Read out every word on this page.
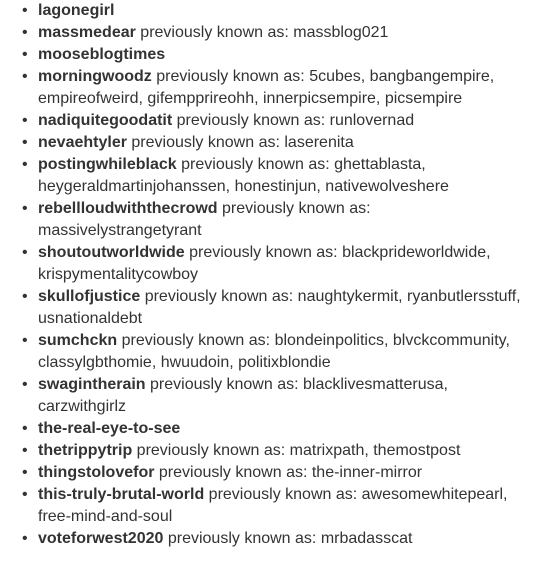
• lagonegirl
• massmedear previously known as: massblog021
• mooseblogtimes
• morningwoodz previously known as: 5cubes, bangbangempire, empireofweird, gifempprireohh, innerpicsempire, picsempire
• nadiquitegoodatit previously known as: runlovernad
• nevaehtyler previously known as: laserenita
• postingwhileblack previously known as: ghettablasta, heygeraldmartinjohanssen, honestinjun, nativewolveshere
• rebellloudwiththecrowd previously known as: massivelystrangetyrant
• shoutoutworldwide previously known as: blackprideworldwide, krispymentalitycowboy
• skullofjustice previously known as: naughtykermit, ryanbutlersstuff, usnationaldebt
• sumchckn previously known as: blondeinpolitics, blvckcommunity, classylgbthomie, hwuudoin, politixblondie
• swagintherain previously known as: blacklivesmatterusa, carzwithgirlz
• the-real-eye-to-see
• thetrippytrip previously known as: matrixpath, themostpost
• thingstolovefor previously known as: the-inner-mirror
• this-truly-brutal-world previously known as: awesomewhitepearl, free-mind-and-soul
• voteforwest2020 previously known as: mrbadasscat
